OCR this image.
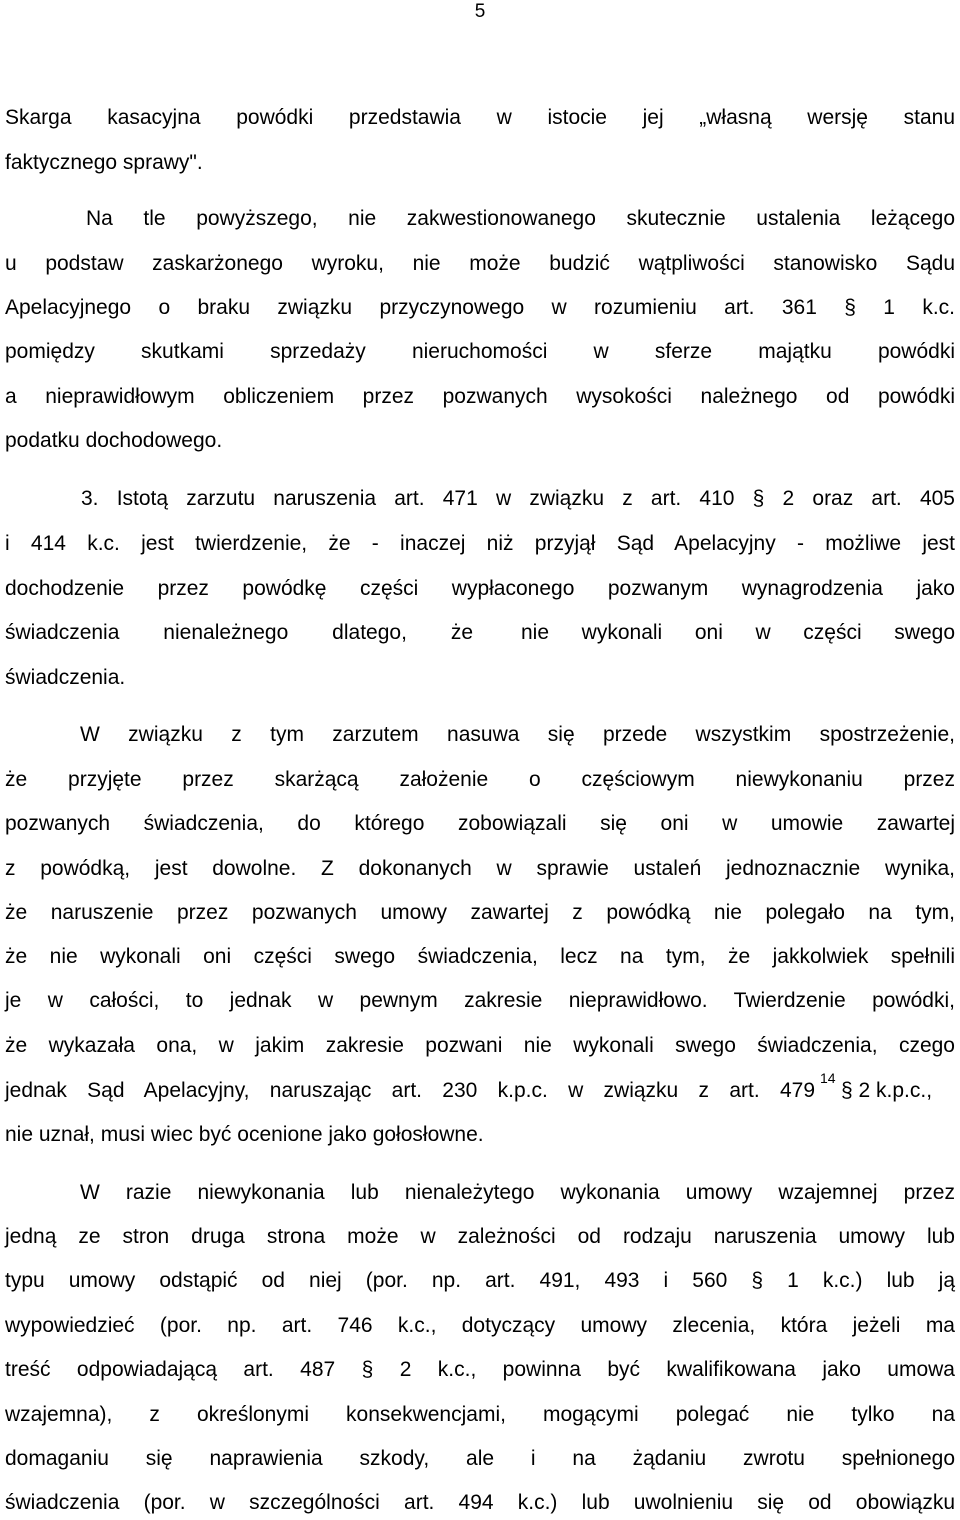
5
Skarga kasacyjna powódki przedstawia w istocie jej „własną wersję stanu
faktycznego sprawy".
Na tle powyższego, nie zakwestionowanego skutecznie ustalenia leżącego
u podstaw zaskarżonego wyroku, nie może budzić wątpliwości stanowisko Sądu
Apelacyjnego o braku związku przyczynowego w rozumieniu art. 361 § 1 k.c.
pomiędzy skutkami sprzedaży nieruchomości w sferze majątku powódki
a nieprawidłowym obliczeniem przez pozwanych wysokości należnego od powódki
podatku dochodowego.
3. Istotą zarzutu naruszenia art. 471 w związku z art. 410 § 2 oraz art. 405
i 414 k.c. jest twierdzenie, że - inaczej niż przyjął Sąd Apelacyjny - możliwe jest
dochodzenie przez powódkę części wypłaconego pozwanym wynagrodzenia jako
świadczenia nienależnego dlatego, że nie wykonali oni w części swego
świadczenia.
W związku z tym zarzutem nasuwa się przede wszystkim spostrzeżenie,
że przyjęte przez skarżącą założenie o częściowym niewykonaniu przez
pozwanych świadczenia, do którego zobowiązali się oni w umowie zawartej
z powódką, jest dowolne. Z dokonanych w sprawie ustaleń jednoznacznie wynika,
że naruszenie przez pozwanych umowy zawartej z powódką nie polegało na tym,
że nie wykonali oni części swego świadczenia, lecz na tym, że jakkolwiek spełnili
je w całości, to jednak w pewnym zakresie nieprawidłowo. Twierdzenie powódki,
że wykazała ona, w jakim zakresie pozwani nie wykonali swego świadczenia, czego
jednak Sąd Apelacyjny, naruszając art. 230 k.p.c. w związku z art. 479
14
§ 2 k.p.c.,
nie uznał, musi wiec być ocenione jako gołosłowne.
W razie niewykonania lub nienależytego wykonania umowy wzajemnej przez
jedną ze stron druga strona może w zależności od rodzaju naruszenia umowy lub
typu umowy odstąpić od niej (por. np. art. 491, 493 i 560 § 1 k.c.) lub ją
wypowiedzieć (por. np. art. 746 k.c., dotyczący umowy zlecenia, która jeżeli ma
treść odpowiadającą art. 487 § 2 k.c., powinna być kwalifikowana jako umowa
wzajemna), z określonymi konsekwencjami, mogącymi polegać nie tylko na
domaganiu się naprawienia szkody, ale i na żądaniu zwrotu spełnionego
świadczenia (por. w szczególności art. 494 k.c.) lub uwolnieniu się od obowiązku
